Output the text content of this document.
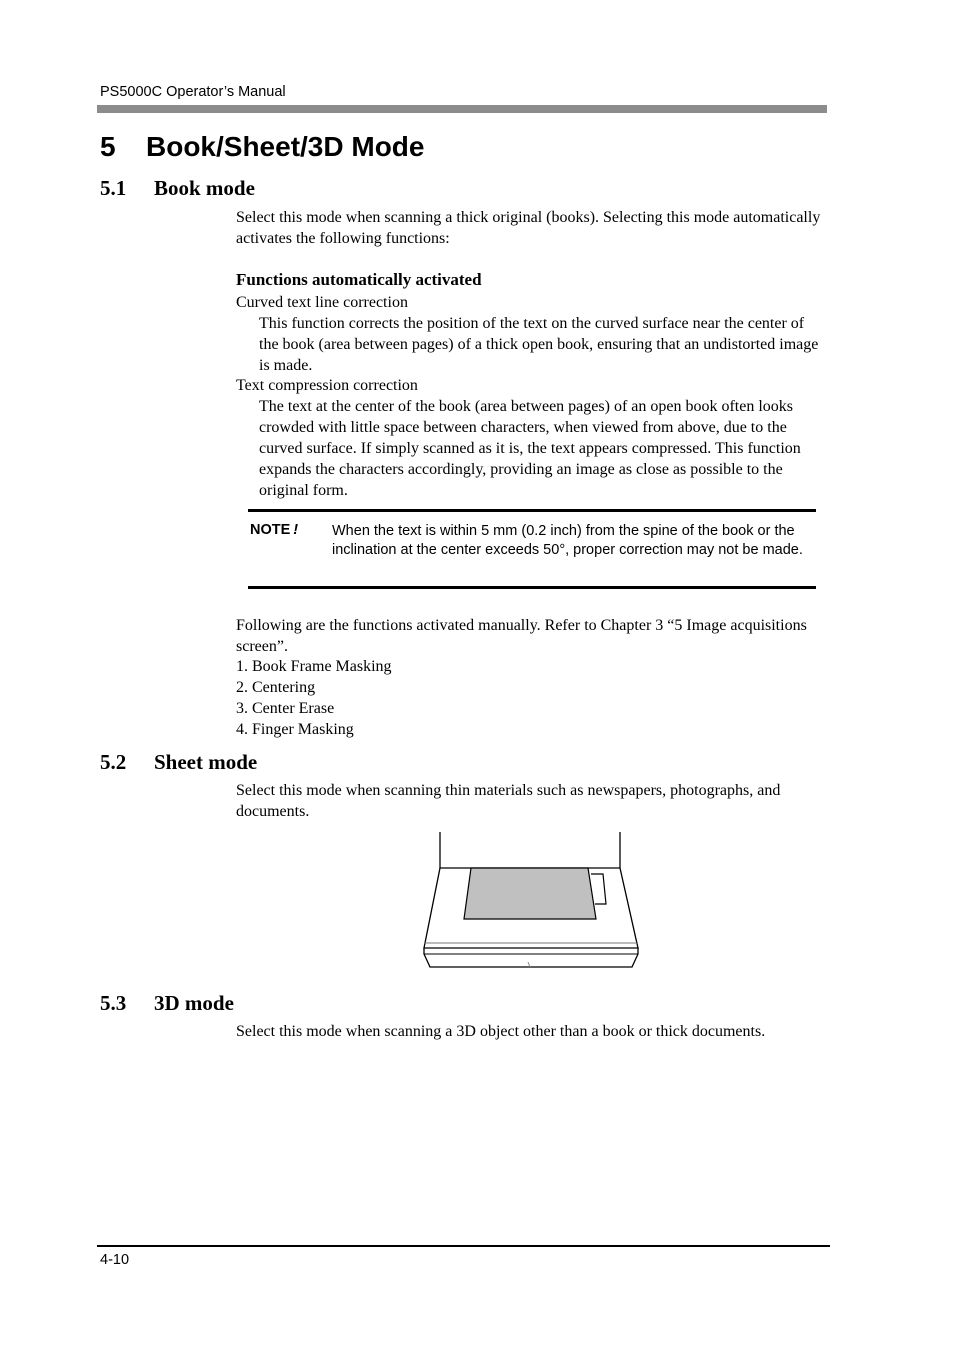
PS5000C Operator’s Manual
5 Book/Sheet/3D Mode
5.1 Book mode

Select this mode when scanning a thick original (books). Selecting this mode automatically activates the following functions:

Functions automatically activated
Curved text line correction
This function corrects the position of the text on the curved surface near the center of the book (area between pages) of a thick open book, ensuring that an undistorted image is made.
Text compression correction
The text at the center of the book (area between pages) of an open book often looks crowded with little space between characters, when viewed from above, due to the curved surface. If simply scanned as it is, the text appears compressed. This function expands the characters accordingly, providing an image as close as possible to the original form.
NOTE ! When the text is within 5 mm (0.2 inch) from the spine of the book or the inclination at the center exceeds 50°, proper correction may not be made.

Following are the functions activated manually. Refer to Chapter 3 “5 Image acquisitions screen”.

1. Book Frame Masking
2. Centering
3. Center Erase
4. Finger Masking
5.2 Sheet mode

Select this mode when scanning thin materials such as newspapers, photographs, and documents.

5.3 3D mode

Select this mode when scanning a 3D object other than a book or thick documents.

4-10
